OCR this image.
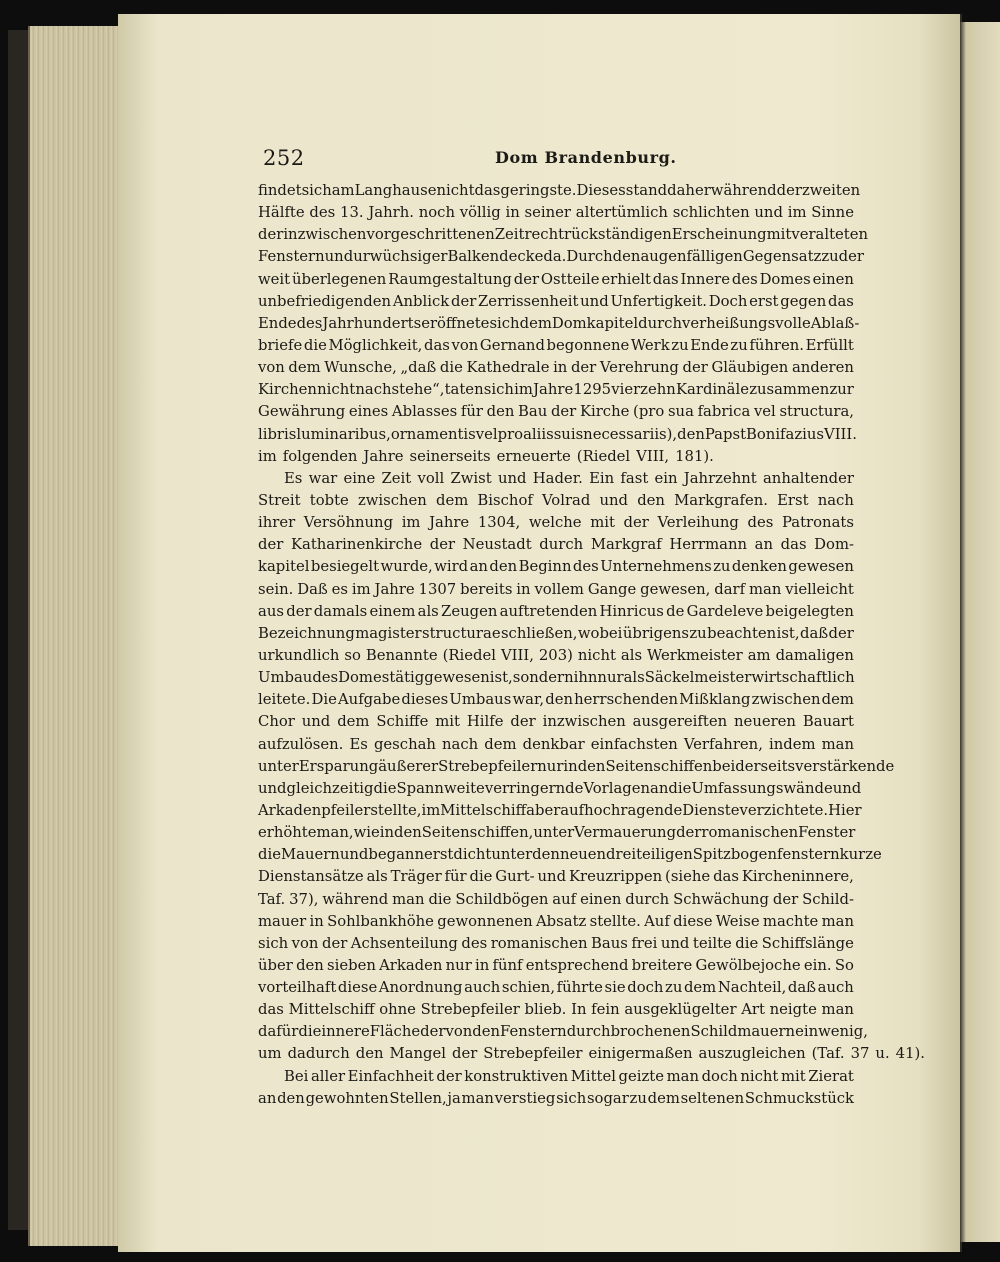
252	Dom Brandenburg.
findet sich am Langhause nicht das geringste. Dieses stand daher während der zweiten
Hälfte des 13. Jahrh. noch völlig in seiner altertümlich schlichten und im Sinne
der inzwischen vorgeschrittenen Zeit recht rückständigen Erscheinung mit veralteten
Fenstern und urwüchsiger Balkendecke da. Durch den augenfälligen Gegensatz zu der
weit überlegenen Raumgestaltung der Ostteile erhielt das Innere des Domes einen
unbefriedigenden Anblick der Zerrissenheit und Unfertigkeit. Doch erst gegen das
Ende des Jahrhunderts eröffnete sich dem Domkapitel durch verheißungsvolle Ablaß-
briefe die Möglichkeit, das von Gernand begonnene Werk zu Ende zu führen. Erfüllt
von dem Wunsche, „daß die Kathedrale in der Verehrung der Gläubigen anderen
Kirchen nicht nachstehe“, taten sich im Jahre 1295 vierzehn Kardinäle zusammen zur
Gewährung eines Ablasses für den Bau der Kirche (pro sua fabrica vel structura,
libris luminaribus, ornamentis vel pro aliis suis necessariis), den Papst Bonifazius VIII.
im folgenden Jahre seinerseits erneuerte (Riedel VIII, 181).
Es war eine Zeit voll Zwist und Hader. Ein fast ein Jahrzehnt anhaltender
Streit tobte zwischen dem Bischof Volrad und den Markgrafen. Erst nach
ihrer Versöhnung im Jahre 1304, welche mit der Verleihung des Patronats
der Katharinenkirche der Neustadt durch Markgraf Herrmann an das Dom-
kapitel besiegelt wurde, wird an den Beginn des Unternehmens zu denken gewesen
sein. Daß es im Jahre 1307 bereits in vollem Gange gewesen, darf man vielleicht
aus der damals einem als Zeugen auftretenden Hinricus de Gardeleve beigelegten
Bezeichnung magister structurae schließen, wobei übrigens zu beachten ist, daß der
urkundlich so Benannte (Riedel VIII, 203) nicht als Werkmeister am damaligen
Umbau des Domes tätig gewesen ist, sondern ihn nur als Säckelmeister wirtschaftlich
leitete. Die Aufgabe dieses Umbaus war, den herrschenden Mißklang zwischen dem
Chor und dem Schiffe mit Hilfe der inzwischen ausgereiften neueren Bauart
aufzulösen. Es geschah nach dem denkbar einfachsten Verfahren, indem man
unter Ersparung äußerer Strebepfeiler nur in den Seitenschiffen beiderseits verstärkende
und gleichzeitig die Spannweite verringernde Vorlagen an die Umfassungswände und
Arkadenpfeiler stellte, im Mittelschiff aber auf hochragende Dienste verzichtete. Hier
erhöhte man, wie in den Seitenschiffen, unter Vermauerung der romanischen Fenster
die Mauern und begann erst dicht unter den neuen dreiteiligen Spitzbogenfenstern kurze
Dienstansätze als Träger für die Gurt- und Kreuzrippen (siehe das Kircheninnere,
Taf. 37), während man die Schildbögen auf einen durch Schwächung der Schild-
mauer in Sohlbankhöhe gewonnenen Absatz stellte. Auf diese Weise machte man
sich von der Achsenteilung des romanischen Baus frei und teilte die Schiffslänge
über den sieben Arkaden nur in fünf entsprechend breitere Gewölbejoche ein. So
vorteilhaft diese Anordnung auch schien, führte sie doch zu dem Nachteil, daß auch
das Mittelschiff ohne Strebepfeiler blieb. In fein ausgeklügelter Art neigte man
dafür die innere Fläche der von den Fenstern durchbrochenen Schildmauern ein wenig,
um dadurch den Mangel der Strebepfeiler einigermaßen auszugleichen (Taf. 37 u. 41).
Bei aller Einfachheit der konstruktiven Mittel geizte man doch nicht mit Zierat
an den gewohnten Stellen, ja man verstieg sich sogar zu dem seltenen Schmuckstück
